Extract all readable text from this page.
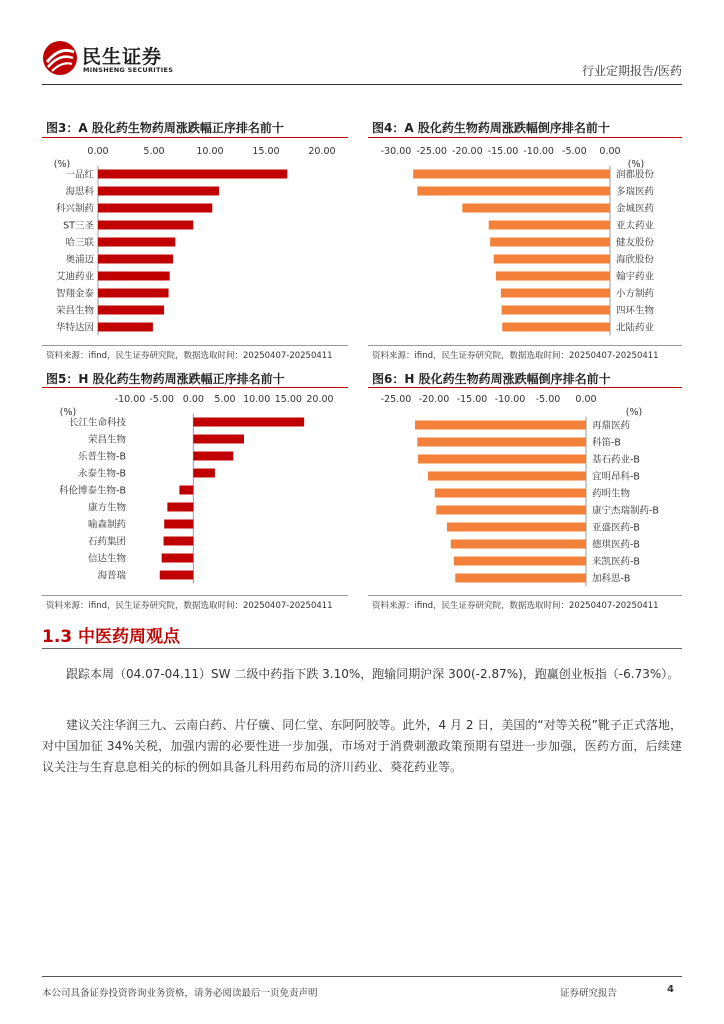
民生证券
MINSHENG SECURITIES	行业定期报告/医药
图3：A 股化药生物药周涨跌幅正序排名前十
0.00	5.00	10.00	15.00	20.00
(%)
一品红
海思科
科兴制药
ST三圣
哈三联
奥浦迈
艾迪药业
智翔金泰
荣昌生物
华特达因
资料来源：ifind，民生证券研究院，数据选取时间：20250407-20250411
图4：A 股化药生物药周涨跌幅倒序排名前十
-30.00 -25.00 -20.00 -15.00 -10.00 -5.00 0.00
(%)
润都股份
多瑞医药
金城医药
亚太药业
健友股份
海欣股份
翰宇药业
小方制药
四环生物
北陆药业
资料来源：ifind，民生证券研究院，数据选取时间：20250407-20250411
图5：H 股化药生物药周涨跌幅正序排名前十
-10.00 -5.00 0.00 5.00 10.00 15.00 20.00
(%)
长江生命科技
荣昌生物
乐普生物-B
永泰生物-B
科伦博泰生物-B
康方生物
喻森制药
石药集团
信达生物
海普瑞
资料来源：ifind，民生证券研究院，数据选取时间：20250407-20250411
图6：H 股化药生物药周涨跌幅倒序排名前十
-25.00 -20.00 -15.00 -10.00 -5.00 0.00
(%)
再鼎医药
科笛-B
基石药业-B
宜明昂科-B
药明生物
康宁杰瑞制药-B
亚盛医药-B
德琪医药-B
来凯医药-B
加科思-B
资料来源：ifind，民生证券研究院，数据选取时间：20250407-20250411
1.3 中医药周观点
跟踪本周（04.07-04.11）SW 二级中药指下跌 3.10%，跑输同期沪深 300(-2.87%)，跑赢创业板指（-6.73%）。
建议关注华润三九、云南白药、片仔癀、同仁堂、东阿阿胶等。此外，4 月 2 日，美国的“对等关税”靴子正式落地，对中国加征 34%关税，加强内需的必要性进一步加强，市场对于消费刺激政策预期有望进一步加强，医药方面，后续建议关注与生育息息相关的标的例如具备儿科用药布局的济川药业、葵花药业等。
本公司具备证券投资咨询业务资格，请务必阅读最后一页免责声明	证券研究报告	4
